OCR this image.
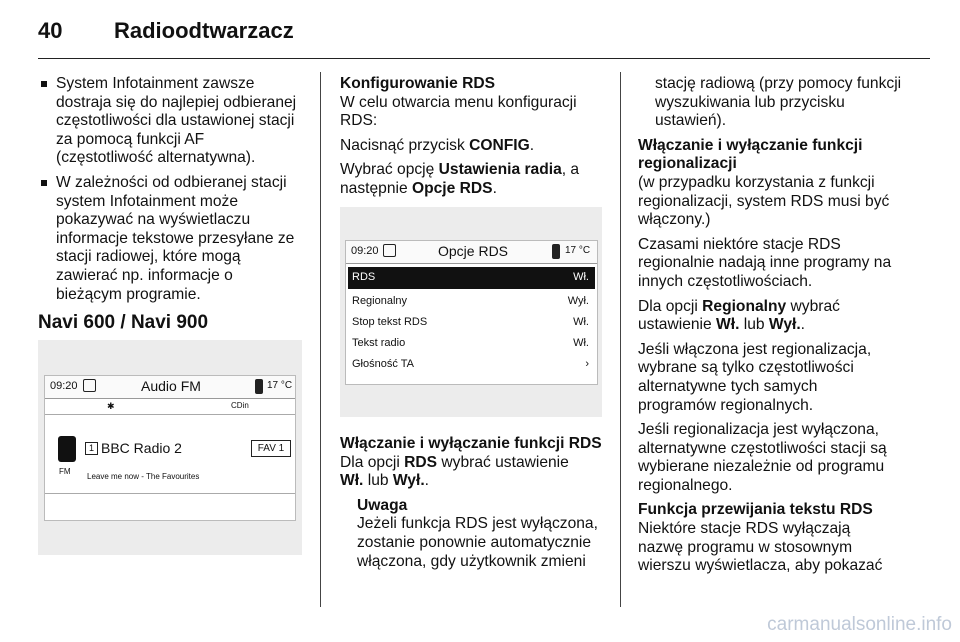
40 Radioodtwarzacz
System Infotainment zawsze
dostraja się do najlepiej odbieranej
częstotliwości dla ustawionej stacji
za pomocą funkcji AF
(częstotliwość alternatywna).
W zależności od odbieranej stacji
system Infotainment może
pokazywać na wyświetlaczu
informacje tekstowe przesyłane ze
stacji radiowej, które mogą
zawierać np. informacje o
bieżącym programie.
Navi 600 / Navi 900
09:20	Audio FM	17 °C
✱	CDin
1 BBC Radio 2	FAV 1
FM
Leave me now - The Favourites
Konfigurowanie RDS

W celu otwarcia menu konfiguracji
RDS:

Nacisnąć przycisk CONFIG.

Wybrać opcję Ustawienia radia, a
następnie Opcje RDS.

09:20	Opcje RDS	17 °C
RDS	Wł.
Regionalny	Wył.
Stop tekst RDS	Wł.
Tekst radio	Wł.
Głośność TA	›
Włączanie i wyłączanie funkcji RDS

Dla opcji RDS wybrać ustawienie
Wł. lub Wył..

Uwaga
Jeżeli funkcja RDS jest wyłączona,
zostanie ponownie automatycznie
włączona, gdy użytkownik zmieni
stację radiową (przy pomocy funkcji
wyszukiwania lub przycisku
ustawień).
Włączanie i wyłączanie funkcji
regionalizacji

(w przypadku korzystania z funkcji
regionalizacji, system RDS musi być
włączony.)

Czasami niektóre stacje RDS
regionalnie nadają inne programy na
innych częstotliwościach.

Dla opcji Regionalny wybrać
ustawienie Wł. lub Wył..

Jeśli włączona jest regionalizacja,
wybrane są tylko częstotliwości
alternatywne tych samych
programów regionalnych.

Jeśli regionalizacja jest wyłączona,
alternatywne częstotliwości stacji są
wybierane niezależnie od programu
regionalnego.

Funkcja przewijania tekstu RDS

Niektóre stacje RDS wyłączają
nazwę programu w stosownym
wierszu wyświetlacza, aby pokazać

carmanualsonline.info
